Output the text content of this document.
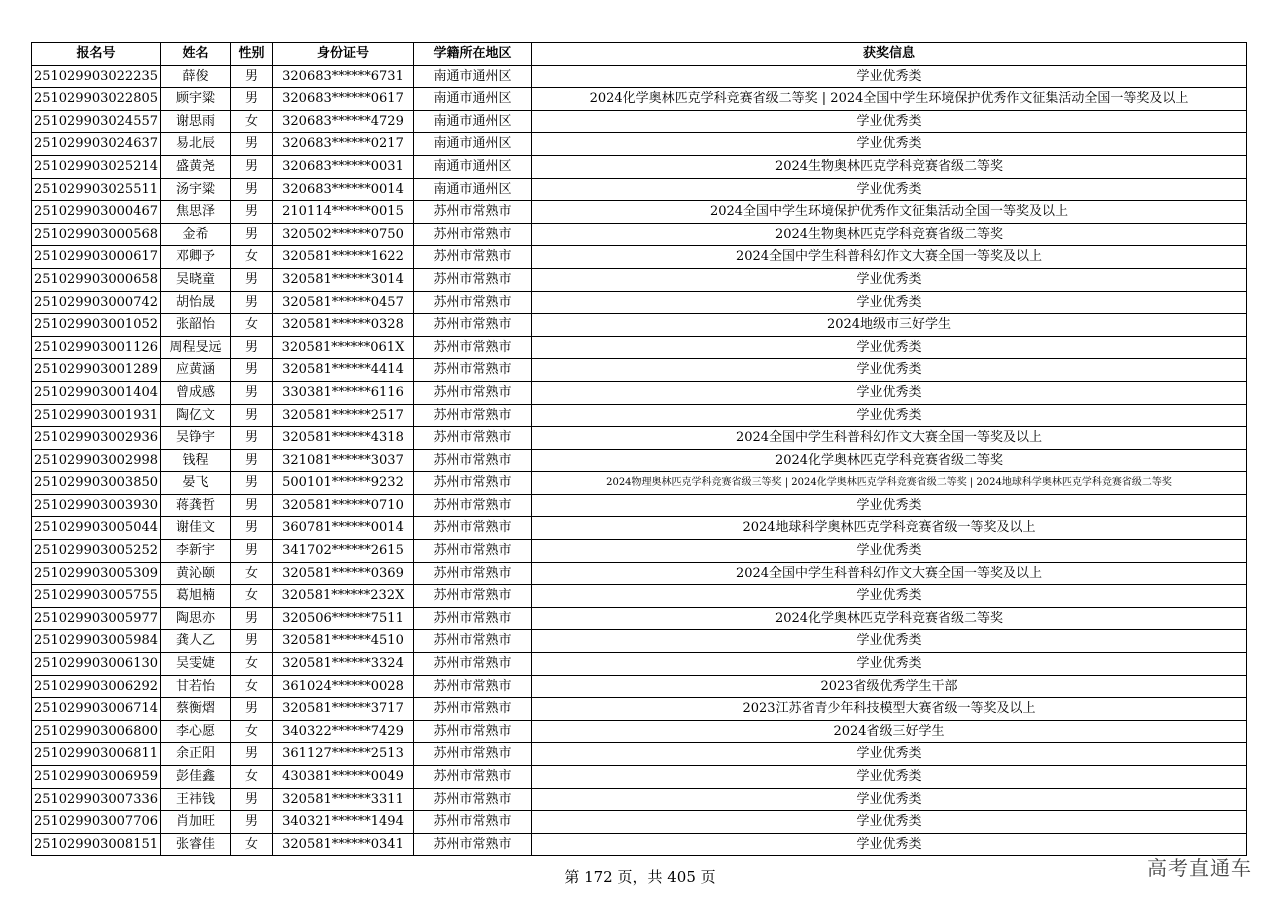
报名号	姓名	性别	身份证号	学籍所在地区	获奖信息
251029903022235	薛俊	男	320683******6731	南通市通州区	学业优秀类
251029903022805	顾宇粱	男	320683******0617	南通市通州区	2024化学奥林匹克学科竞赛省级二等奖 | 2024全国中学生环境保护优秀作文征集活动全国一等奖及以上
251029903024557	谢思雨	女	320683******4729	南通市通州区	学业优秀类
251029903024637	易北辰	男	320683******0217	南通市通州区	学业优秀类
251029903025214	盛黄尧	男	320683******0031	南通市通州区	2024生物奥林匹克学科竞赛省级二等奖
251029903025511	汤宇粱	男	320683******0014	南通市通州区	学业优秀类
251029903000467	焦思泽	男	210114******0015	苏州市常熟市	2024全国中学生环境保护优秀作文征集活动全国一等奖及以上
251029903000568	金希	男	320502******0750	苏州市常熟市	2024生物奥林匹克学科竞赛省级二等奖
251029903000617	邓卿予	女	320581******1622	苏州市常熟市	2024全国中学生科普科幻作文大赛全国一等奖及以上
251029903000658	吴晓童	男	320581******3014	苏州市常熟市	学业优秀类
251029903000742	胡怡晟	男	320581******0457	苏州市常熟市	学业优秀类
251029903001052	张韶怡	女	320581******0328	苏州市常熟市	2024地级市三好学生
251029903001126	周程旻远	男	320581******061X	苏州市常熟市	学业优秀类
251029903001289	应黄涵	男	320581******4414	苏州市常熟市	学业优秀类
251029903001404	曾成感	男	330381******6116	苏州市常熟市	学业优秀类
251029903001931	陶亿文	男	320581******2517	苏州市常熟市	学业优秀类
251029903002936	吴铮宇	男	320581******4318	苏州市常熟市	2024全国中学生科普科幻作文大赛全国一等奖及以上
251029903002998	钱程	男	321081******3037	苏州市常熟市	2024化学奥林匹克学科竞赛省级二等奖
251029903003850	晏飞	男	500101******9232	苏州市常熟市	2024物理奥林匹克学科竞赛省级三等奖 | 2024化学奥林匹克学科竞赛省级二等奖 | 2024地球科学奥林匹克学科竞赛省级二等奖
251029903003930	蒋龚哲	男	320581******0710	苏州市常熟市	学业优秀类
251029903005044	谢佳文	男	360781******0014	苏州市常熟市	2024地球科学奥林匹克学科竞赛省级一等奖及以上
251029903005252	李新宇	男	341702******2615	苏州市常熟市	学业优秀类
251029903005309	黄沁颐	女	320581******0369	苏州市常熟市	2024全国中学生科普科幻作文大赛全国一等奖及以上
251029903005755	葛旭楠	女	320581******232X	苏州市常熟市	学业优秀类
251029903005977	陶思亦	男	320506******7511	苏州市常熟市	2024化学奥林匹克学科竞赛省级二等奖
251029903005984	龚人乙	男	320581******4510	苏州市常熟市	学业优秀类
251029903006130	吴雯婕	女	320581******3324	苏州市常熟市	学业优秀类
251029903006292	甘若怡	女	361024******0028	苏州市常熟市	2023省级优秀学生干部
251029903006714	蔡衡熠	男	320581******3717	苏州市常熟市	2023江苏省青少年科技模型大赛省级一等奖及以上
251029903006800	李心愿	女	340322******7429	苏州市常熟市	2024省级三好学生
251029903006811	余正阳	男	361127******2513	苏州市常熟市	学业优秀类
251029903006959	彭佳鑫	女	430381******0049	苏州市常熟市	学业优秀类
251029903007336	王祎钱	男	320581******3311	苏州市常熟市	学业优秀类
251029903007706	肖加旺	男	340321******1494	苏州市常熟市	学业优秀类
251029903008151	张睿佳	女	320581******0341	苏州市常熟市	学业优秀类
第 172 页，共 405 页	高考直通车
